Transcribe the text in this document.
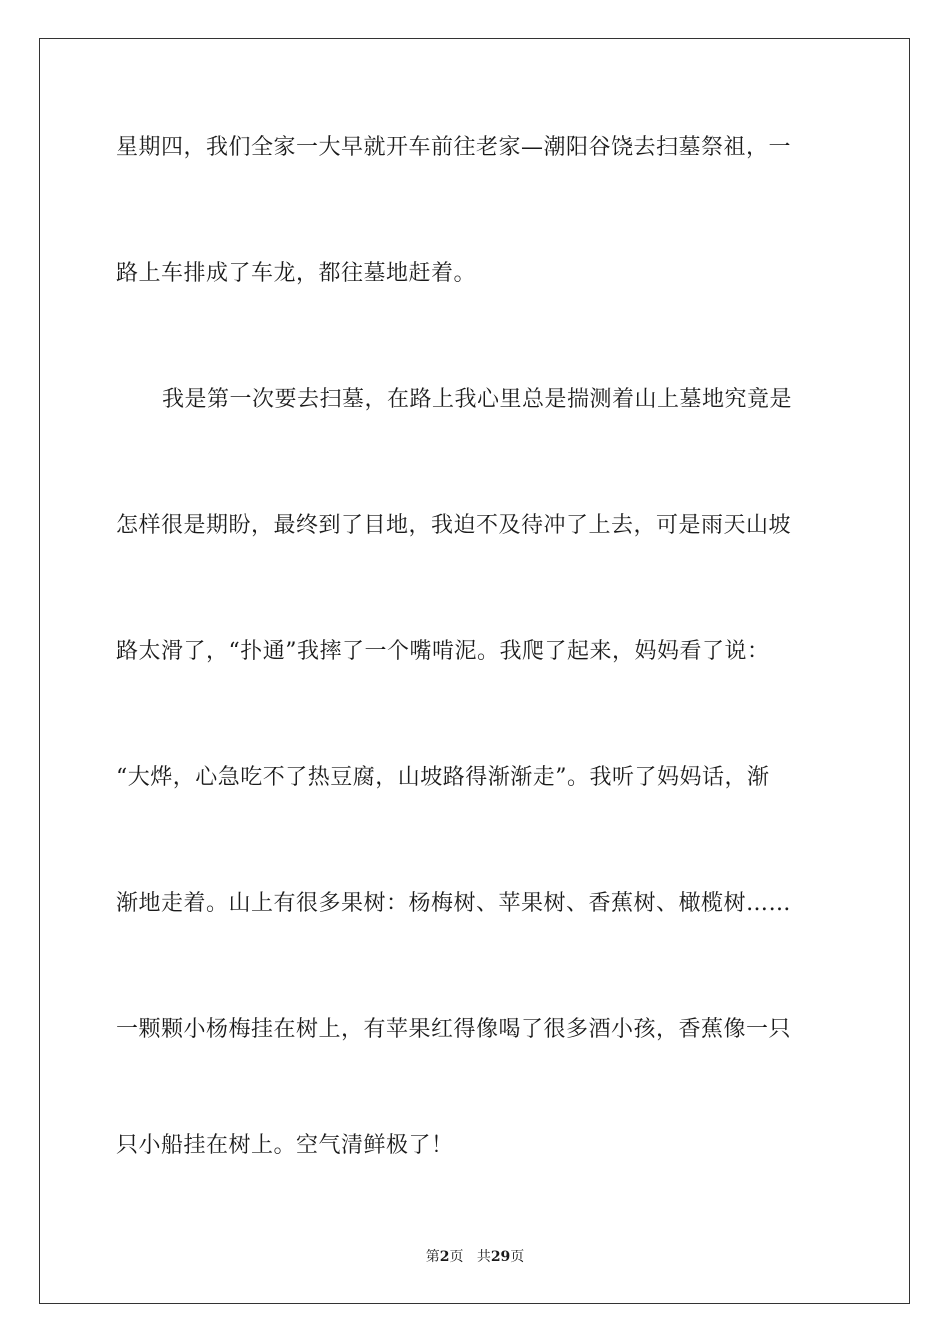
星期四，我们全家一大早就开车前往老家—潮阳谷饶去扫墓祭祖，一
路上车排成了车龙，都往墓地赶着。
我是第一次要去扫墓，在路上我心里总是揣测着山上墓地究竟是
怎样很是期盼，最终到了目地，我迫不及待冲了上去，可是雨天山坡
路太滑了，“扑通”我摔了一个嘴啃泥。我爬了起来，妈妈看了说：
“大烨，心急吃不了热豆腐，山坡路得渐渐走”。我听了妈妈话，渐
渐地走着。山上有很多果树：杨梅树、苹果树、香蕉树、橄榄树……
一颗颗小杨梅挂在树上，有苹果红得像喝了很多酒小孩，香蕉像一只
只小船挂在树上。空气清鲜极了！
第2页 共29页
